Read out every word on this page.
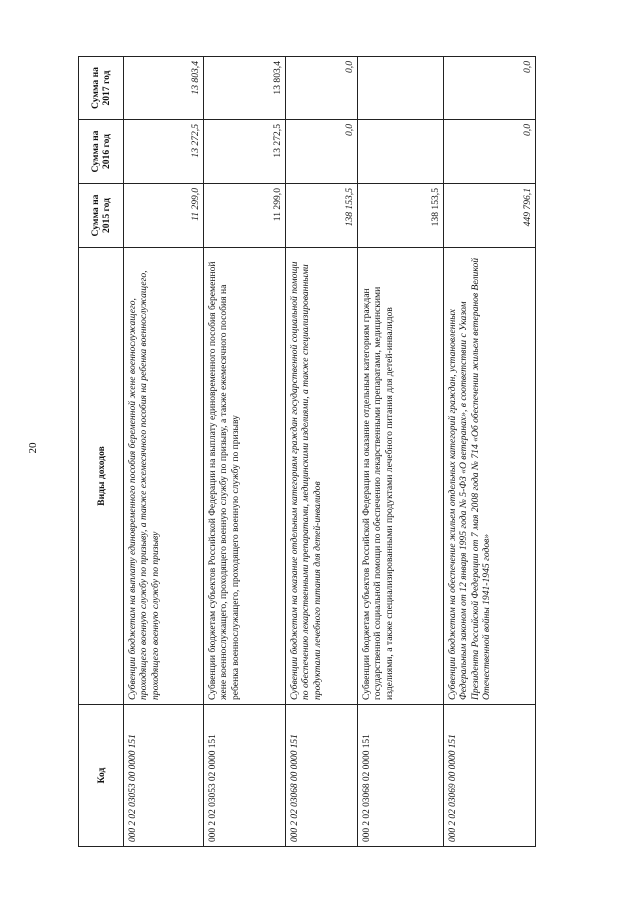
20
Код	Виды доходов	Сумма на 2015 год	Сумма на 2016 год	Сумма на 2017 год
000 2 02 03053 00 0000 151	Субвенции бюджетам на выплату единовременного пособия беременной жене военнослужащего, проходящего военную службу по призыву, а также ежемесячного пособия на ребенка военнослужащего, проходящего военную службу по призыву	11 299,0	13 272,5	13 803,4
000 2 02 03053 02 0000 151	Субвенции бюджетам субъектов Российской Федерации на выплату единовременного пособия беременной жене военнослужащего, проходящего военную службу по призыву, а также ежемесячного пособия на ребенка военнослужащего, проходящего военную службу по призыву	11 299,0	13 272,5	13 803,4
000 2 02 03068 00 0000 151	Субвенции бюджетам на оказание отдельным категориям граждан государственной социальной помощи по обеспечению лекарственными препаратами, медицинскими изделиями, а также специализированными продуктами лечебного питания для детей-инвалидов	138 153,5	0,0	0,0
000 2 02 03068 02 0000 151	Субвенции бюджетам субъектов Российской Федерации на оказание отдельным категориям граждан государственной социальной помощи по обеспечению лекарственными препаратами, медицинскими изделиями, а также специализированными продуктами лечебного питания для детей-инвалидов	138 153,5		
000 2 02 03069 00 0000 151	Субвенции бюджетам на обеспечение жильем отдельных категорий граждан, установленных Федеральным законом от 12 января 1995 года № 5-ФЗ «О ветеранах», в соответствии с Указом Президента Российской Федерации от 7 мая 2008 года № 714 «Об обеспечении жильем ветеранов Великой Отечественной войны 1941-1945 годов»	449 796,1	0,0	0,0
